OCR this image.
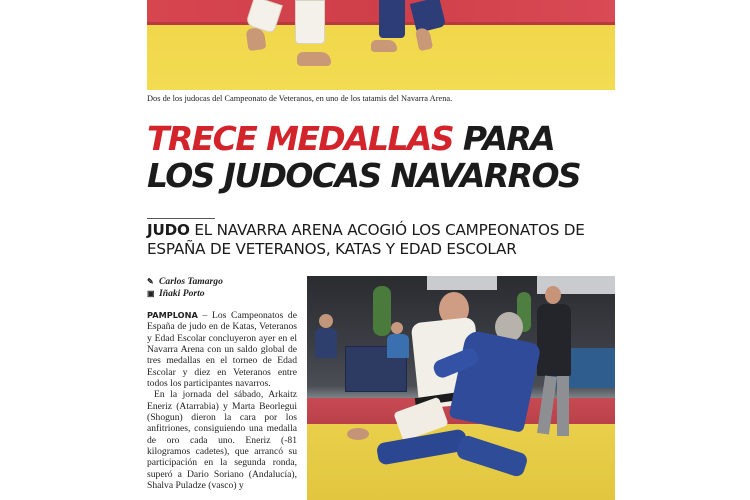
Dos de los judocas del Campeonato de Veteranos, en uno de los tatamis del Navarra Arena.
TRECE MEDALLAS PARA
LOS JUDOCAS NAVARROS
JUDO EL NAVARRA ARENA ACOGIÓ LOS CAMPEONATOS DE ESPAÑA DE VETERANOS, KATAS Y EDAD ESCOLAR
✎ Carlos Tamargo
▣ Iñaki Porto

PAMPLONA – Los Campeonatos de España de judo en de Katas, Veteranos y Edad Escolar concluyeron ayer en el Navarra Arena con un saldo global de tres medallas en el torneo de Edad Escolar y diez en Veteranos entre todos los participantes navarros.

En la jornada del sábado, Arkaitz Eneriz (Atarrabia) y Marta Beorlegui (Shogun) dieron la cara por los anfitriones, consiguiendo una medalla de oro cada uno. Eneriz (-81 kilogramos cadetes), que arrancó su participación en la segunda ronda, superó a Dario Soriano (Andalucía), Shalva Puladze (vasco) y
